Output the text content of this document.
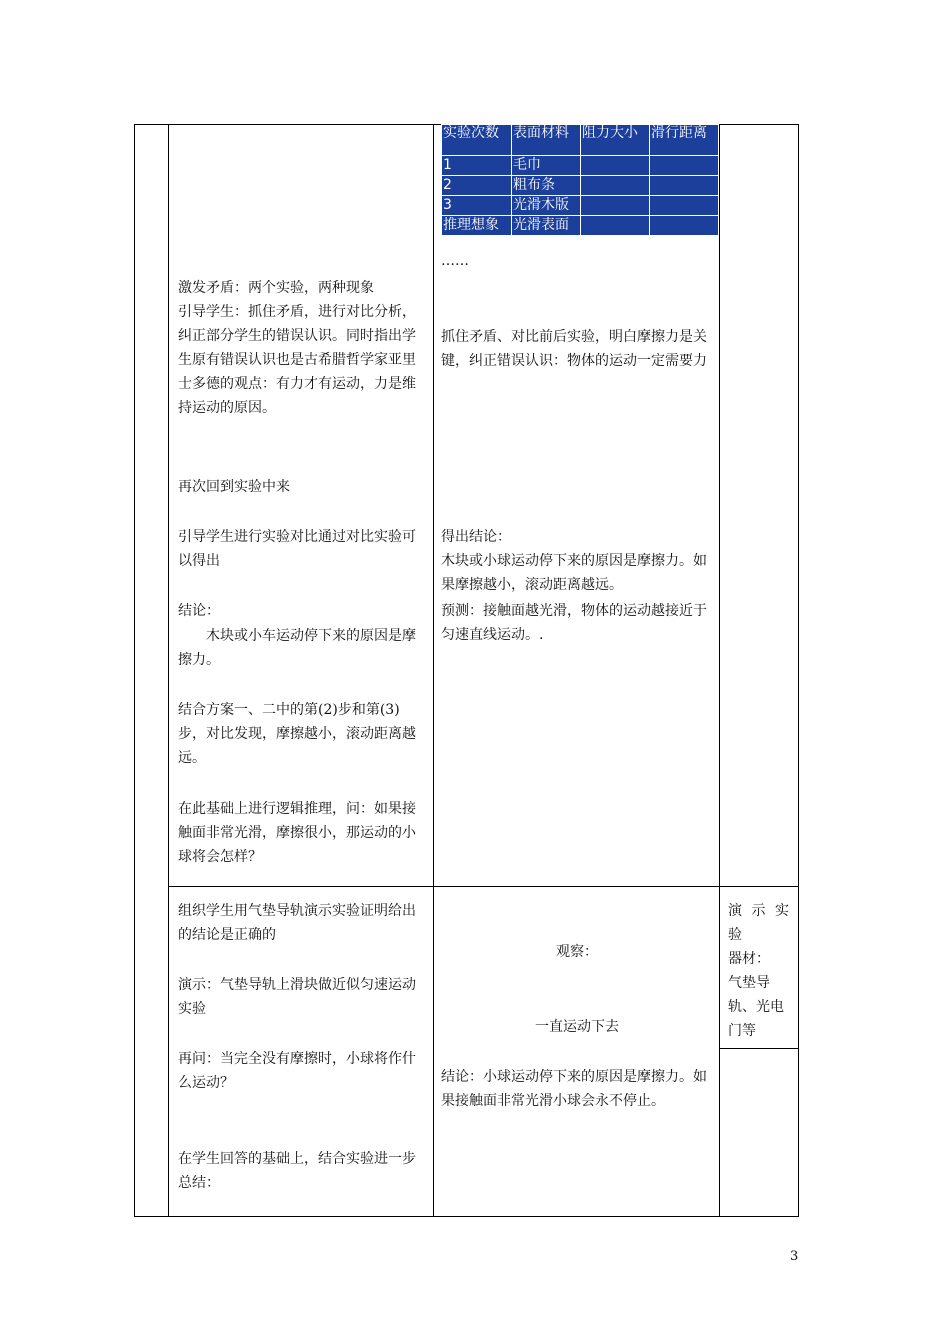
实验次数	表面材料	阻力大小	滑行距离
1	毛巾		
2	粗布条		
3	光滑木版		
推理想象	光滑表面		

……

激发矛盾：两个实验，两种现象

引导学生：抓住矛盾，进行对比分析，纠正部分学生的错误认识。同时指出学生原有错误认识也是古希腊哲学家亚里士多德的观点：有力才有运动，力是维持运动的原因。

再次回到实验中来

引导学生进行实验对比通过对比实验可以得出

结论：

木块或小车运动停下来的原因是摩擦力。

结合方案一、二中的第(2)步和第(3)步，对比发现，摩擦越小，滚动距离越远。

在此基础上进行逻辑推理，问：如果接触面非常光滑，摩擦很小，那运动的小球将会怎样？

抓住矛盾、对比前后实验，明白摩擦力是关键，纠正错误认识：物体的运动一定需要力

得出结论：

木块或小球运动停下来的原因是摩擦力。如果摩擦越小，滚动距离越远。

预测：接触面越光滑，物体的运动越接近于匀速直线运动。.

组织学生用气垫导轨演示实验证明给出的结论是正确的

演示：气垫导轨上滑块做近似匀速运动实验

再问：当完全没有摩擦时，小球将作什么运动？

在学生回答的基础上，结合实验进一步总结：

观察：

一直运动下去

结论：小球运动停下来的原因是摩擦力。如果接触面非常光滑小球会永不停止。

演示实验

器材：

气垫导轨、光电门等

3
